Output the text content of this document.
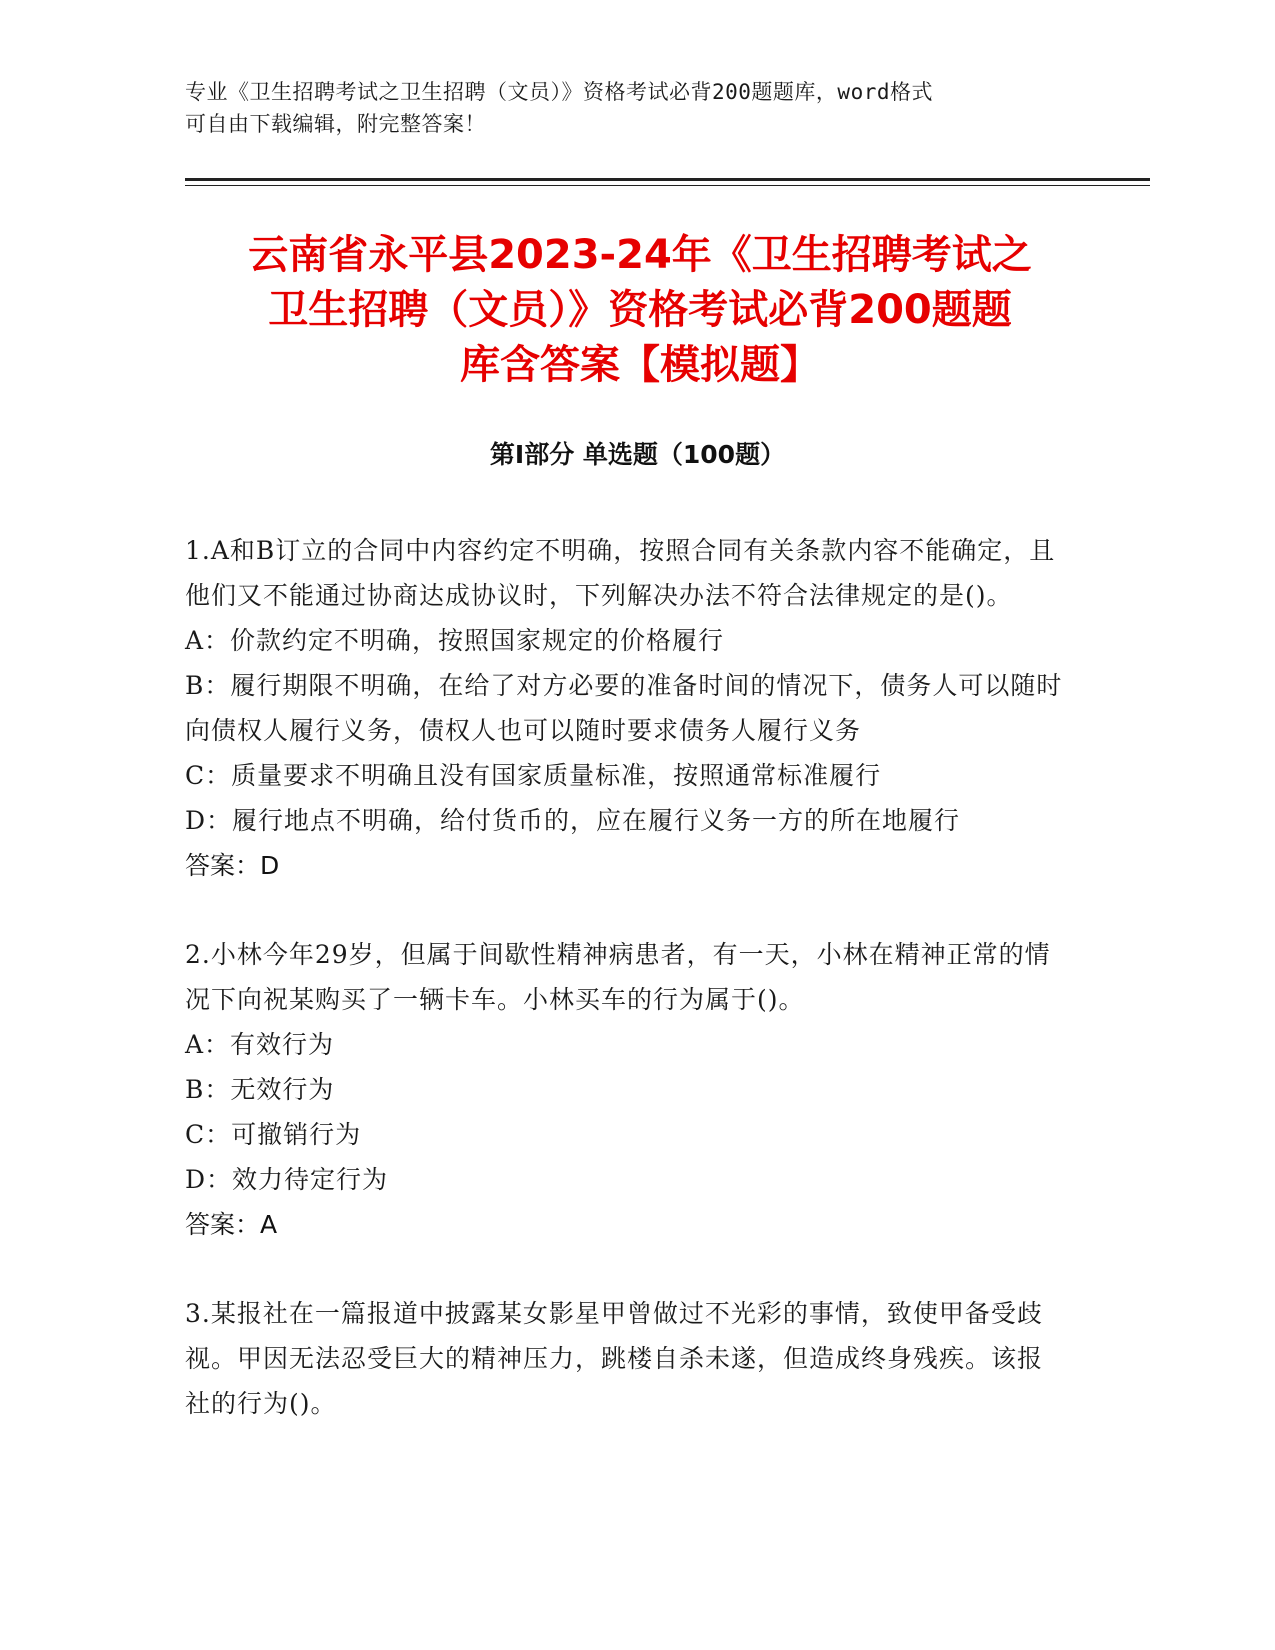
专业《卫生招聘考试之卫生招聘（文员）》资格考试必背200题题库，word格式
可自由下载编辑，附完整答案！
云南省永平县2023-24年《卫生招聘考试之
卫生招聘（文员）》资格考试必背200题题
库含答案【模拟题】
第Ⅰ部分 单选题（100题）

1.A和B订立的合同中内容约定不明确，按照合同有关条款内容不能确定，且他们又不能通过协商达成协议时，下列解决办法不符合法律规定的是()。

A：价款约定不明确，按照国家规定的价格履行

B：履行期限不明确，在给了对方必要的准备时间的情况下，债务人可以随时向债权人履行义务，债权人也可以随时要求债务人履行义务

C：质量要求不明确且没有国家质量标准，按照通常标准履行

D：履行地点不明确，给付货币的，应在履行义务一方的所在地履行

答案：D

2.小林今年29岁，但属于间歇性精神病患者，有一天，小林在精神正常的情况下向祝某购买了一辆卡车。小林买车的行为属于()。

A：有效行为

B：无效行为

C：可撤销行为

D：效力待定行为

答案：A

3.某报社在一篇报道中披露某女影星甲曾做过不光彩的事情，致使甲备受歧视。甲因无法忍受巨大的精神压力，跳楼自杀未遂，但造成终身残疾。该报社的行为()。
